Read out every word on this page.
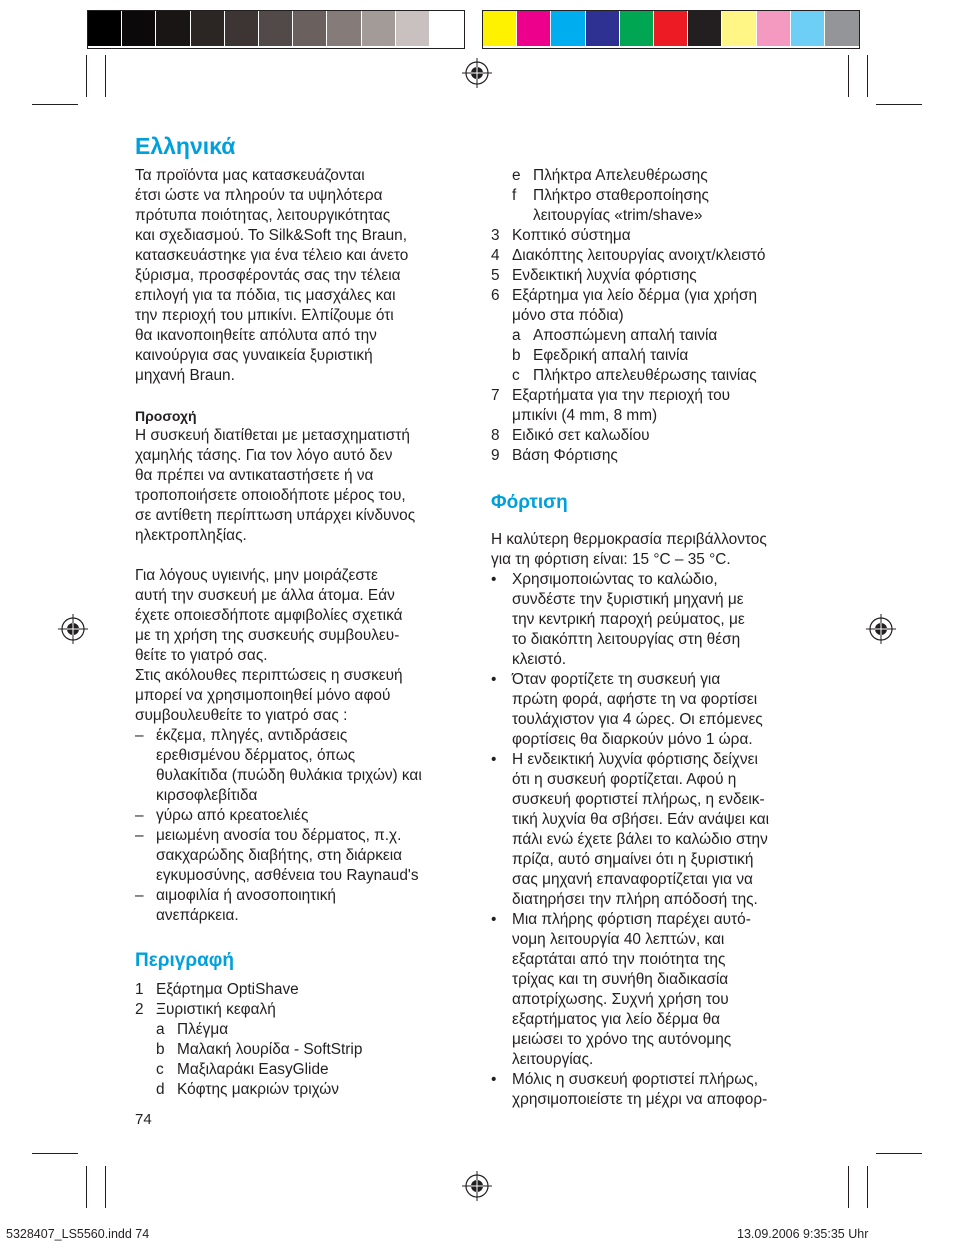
Ελληνικά
Τα προϊόντα μας κατασκευάζονται
έτσι ώστε να πληρούν τα υψηλότερα
πρότυπα ποιότητας, λειτουργικότητας
και σχεδιασμού. Το Silk&Soft της Braun,
κατασκευάστηκε για ένα τέλειο και άνετο
ξύρισμα, προσφέροντάς σας την τέλεια
επιλογή για τα πόδια, τις μασχάλες και
την περιοχή του μπικίνι. Ελπίζουμε ότι
θα ικανοποιηθείτε απόλυτα από την
καινούργια σας γυναικεία ξυριστική
μηχανή Braun.
Προσοχή
Η συσκευή διατίθεται με μετασχηματιστή
χαμηλής τάσης. Για τον λόγο αυτό δεν
θα πρέπει να αντικαταστήσετε ή να
τροποποιήσετε οποιοδήποτε μέρος του,
σε αντίθετη περίπτωση υπάρχει κίνδυνος
ηλεκτροπληξίας.
Για λόγους υγιεινής, μην μοιράζεστε
αυτή την συσκευή με άλλα άτομα. Εάν
έχετε οποιεσδήποτε αμφιβολίες σχετικά
με τη χρήση της συσκευής συμβουλευ-
θείτε το γιατρό σας.
Στις ακόλουθες περιπτώσεις η συσκευή
μπορεί να χρησιμοποιηθεί μόνο αφού
συμβουλευθείτε το γιατρό σας :
– έκζεμα, πληγές, αντιδράσεις
ερεθισμένου δέρματος, όπως
θυλακίτιδα (πυώδη θυλάκια τριχών) και
κιρσοφλεβίτιδα
– γύρω από κρεατοελιές
– μειωμένη ανοσία του δέρματος, π.χ.
σακχαρώδης διαβήτης, στη διάρκεια
εγκυμοσύνης, ασθένεια του Raynaud's
– αιμοφιλία ή ανοσοποιητική
ανεπάρκεια.
Περιγραφή
1 Εξάρτημα OptiShave
2 Ξυριστική κεφαλή
a Πλέγμα
b Μαλακή λουρίδα - SoftStrip
c Μαξιλαράκι EasyGlide
d Κόφτης μακριών τριχών
74
e Πλήκτρα Απελευθέρωσης
f	Πλήκτρο σταθεροποίησης
λειτουργίας «trim/shave»
3 Κοπτικό σύστημα
4 Διακόπτης λειτουργίας ανοιχτ/κλειστό
5 Ενδεικτική λυχνία φόρτισης
6 Εξάρτημα για λείο δέρμα (για χρήση
μόνο στα πόδια)
a Αποσπώμενη απαλή ταινία
b Εφεδρική απαλή ταινία
c Πλήκτρο απελευθέρωσης ταινίας
7 Εξαρτήματα για την περιοχή του
μπικίνι (4 mm, 8 mm)
8 Ειδικό σετ καλωδίου
9 Βάση Φόρτισης
Φόρτιση
Η καλύτερη θερμοκρασία περιβάλλοντος
για τη φόρτιση είναι: 15 °C – 35 °C.
•	Χρησιμοποιώντας το καλώδιο,
συνδέστε την ξυριστική μηχανή με
την κεντρική παροχή ρεύματος, με
το διακόπτη λειτουργίας στη θέση
κλειστό.
•	Όταν φορτίζετε τη συσκευή για
πρώτη φορά, αφήστε τη να φορτίσει
τουλάχιστον για 4 ώρες. Οι επόμενες
φορτίσεις θα διαρκούν μόνο 1 ώρα.
•	Η ενδεικτική λυχνία φόρτισης δείχνει
ότι η συσκευή φορτίζεται. Αφού η
συσκευή φορτιστεί πλήρως, η ενδεικ-
τική λυχνία θα σβήσει. Εάν ανάψει και
πάλι ενώ έχετε βάλει το καλώδιο στην
πρίζα, αυτό σημαίνει ότι η ξυριστική
σας μηχανή επαναφορτίζεται για να
διατηρήσει την πλήρη απόδοσή της.
•	Μια πλήρης φόρτιση παρέχει αυτό-
νομη λειτουργία 40 λεπτών, και
εξαρτάται από την ποιότητα της
τρίχας και τη συνήθη διαδικασία
αποτρίχωσης. Συχνή χρήση του
εξαρτήματος για λείο δέρμα θα
μειώσει το χρόνο της αυτόνομης
λειτουργίας.
•	Μόλις η συσκευή φορτιστεί πλήρως,
χρησιμοποιείστε τη μέχρι να αποφορ-
5328407_LS5560.indd 74	13.09.2006 9:35:35 Uhr
